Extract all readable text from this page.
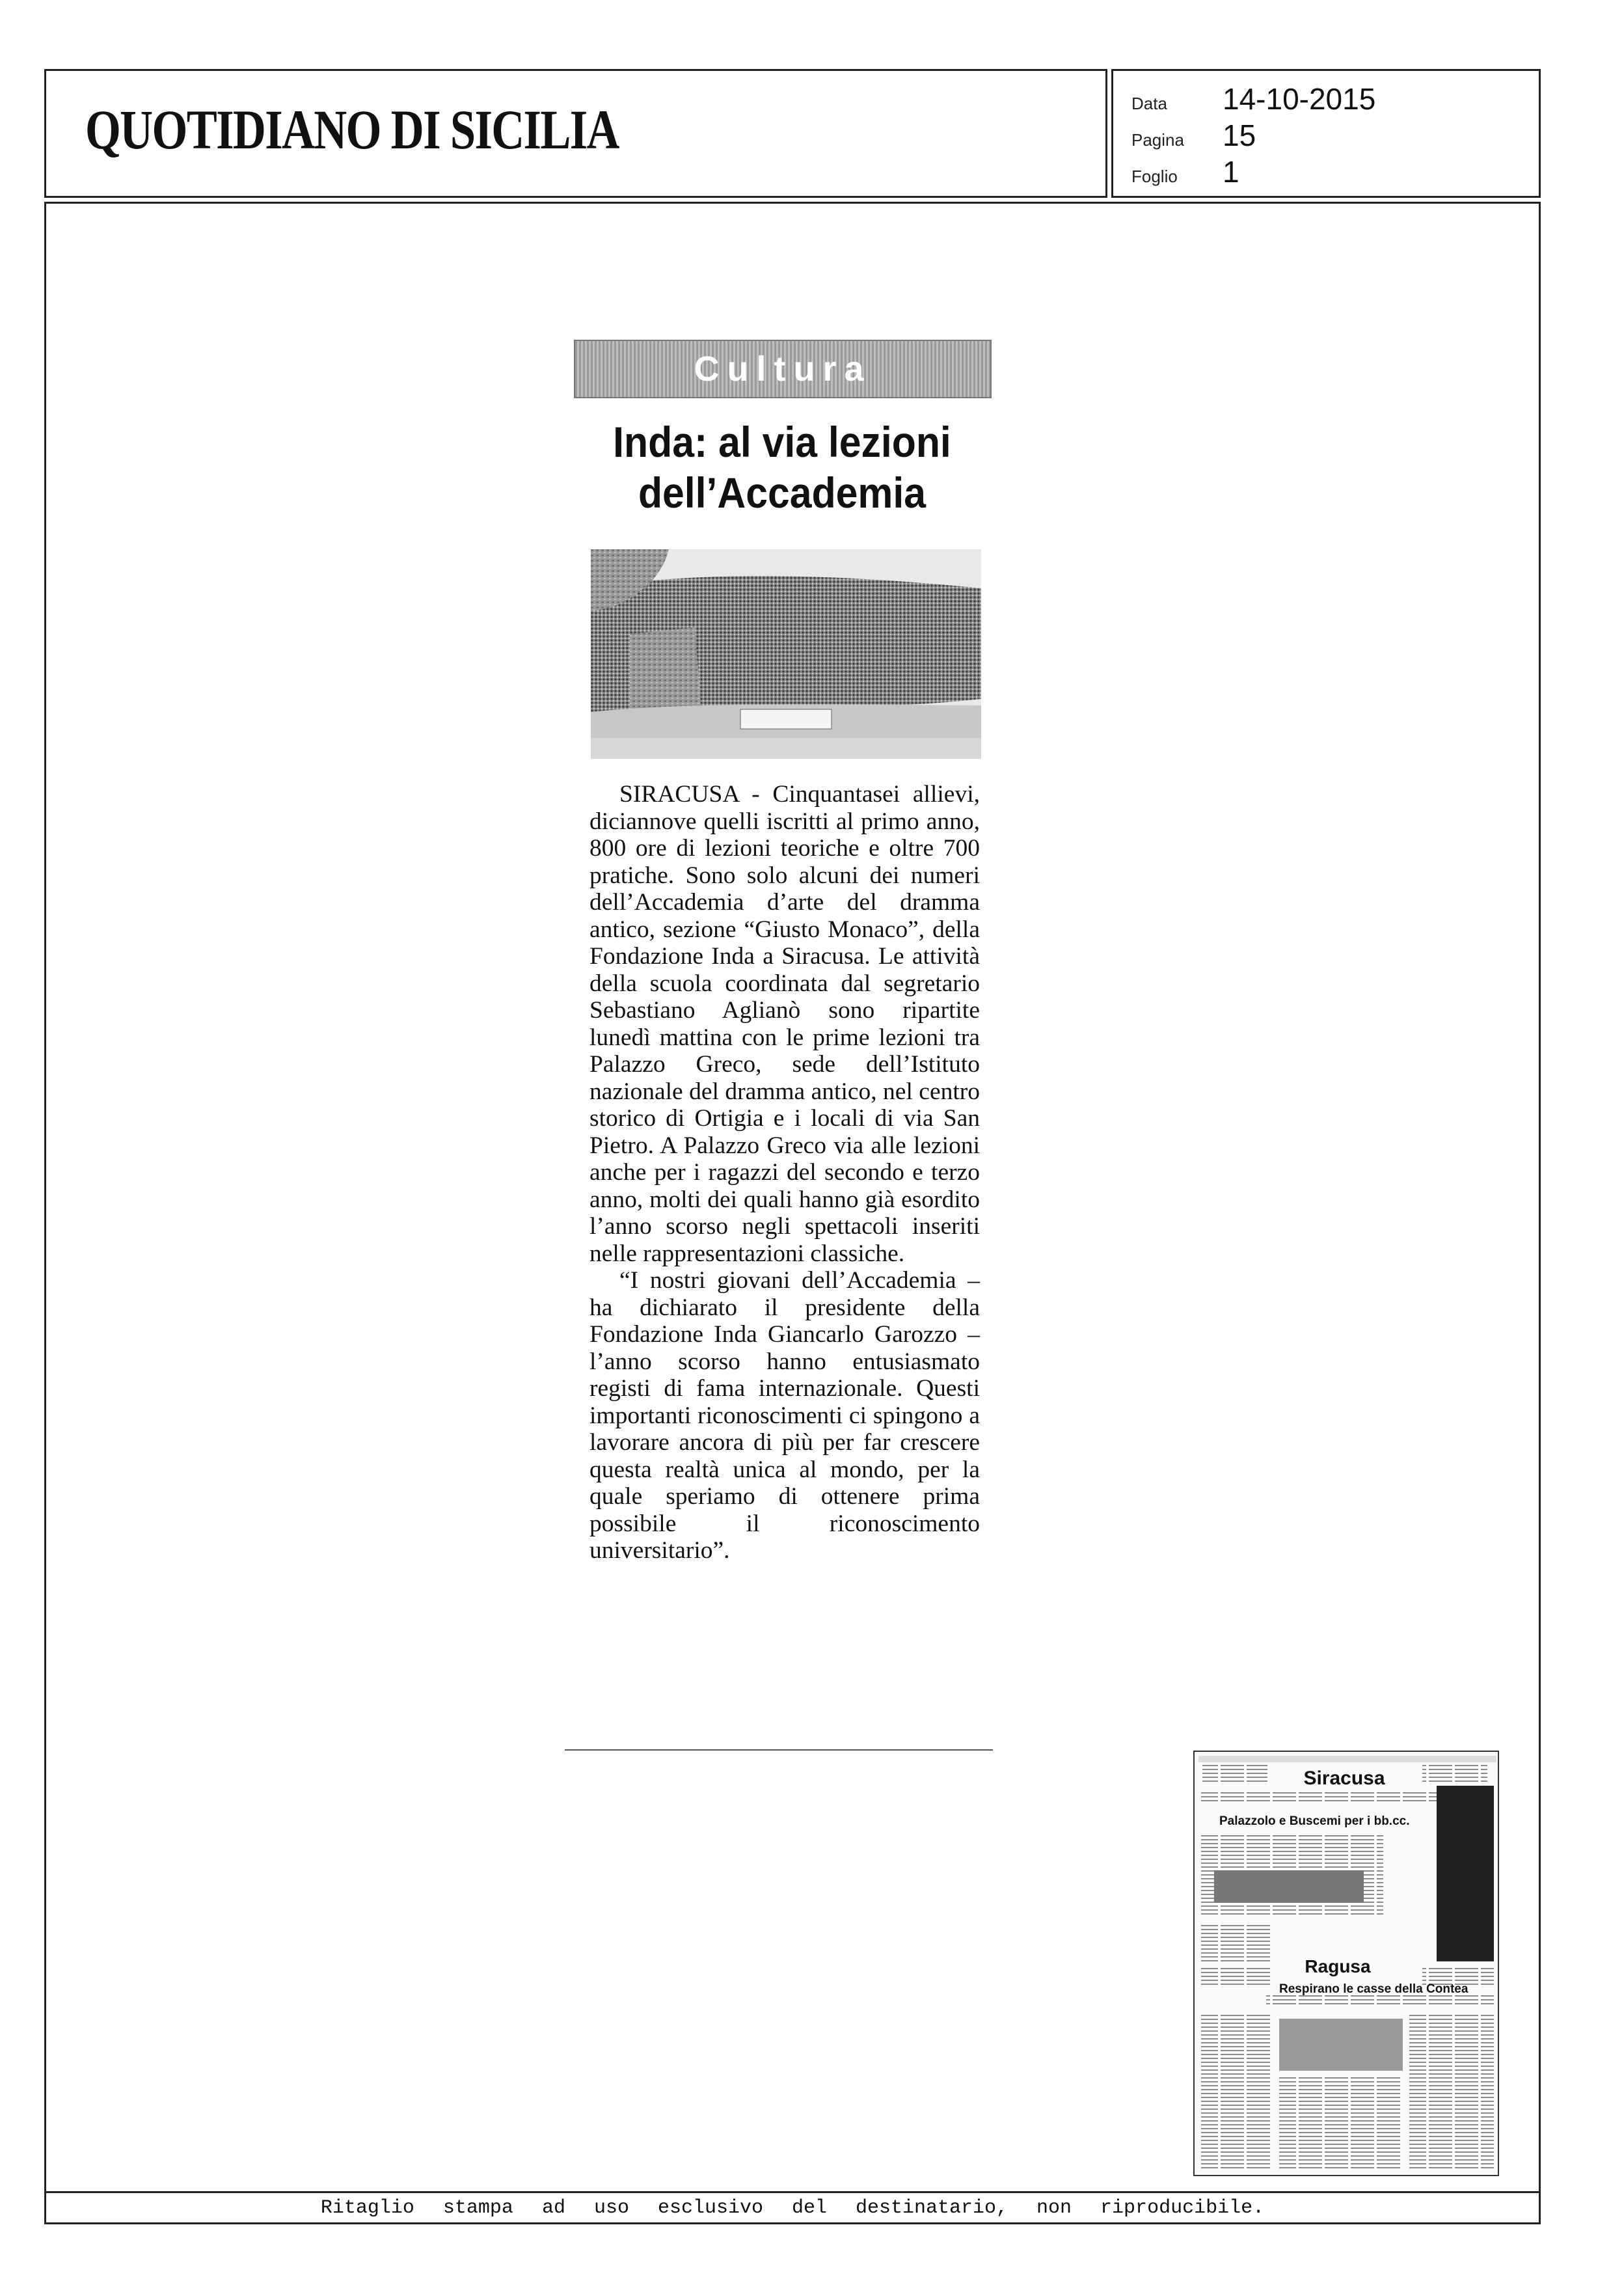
QUOTIDIANO DI SICILIA	Data	14-10-2015
Pagina	15
Foglio	1
Cultura
Inda: al via lezioni
dell’Accademia

SIRACUSA - Cinquantasei allievi, diciannove quelli iscritti al primo anno, 800 ore di lezioni teoriche e oltre 700 pratiche. Sono solo alcuni dei numeri dell’Accademia d’arte del dramma antico, sezione “Giusto Monaco”, della Fondazione Inda a Siracusa. Le attività della scuola coordinata dal segretario Sebastiano Aglianò sono ripartite lunedì mattina con le prime lezioni tra Palazzo Greco, sede dell’Istituto nazionale del dramma antico, nel centro storico di Ortigia e i locali di via San Pietro. A Palazzo Greco via alle lezioni anche per i ragazzi del secondo e terzo anno, molti dei quali hanno già esordito l’anno scorso negli spettacoli inseriti nelle rappresentazioni classiche.

“I nostri giovani dell’Accademia – ha dichiarato il presidente della Fondazione Inda Giancarlo Garozzo – l’anno scorso hanno entusiasmato registi di fama internazionale. Questi importanti riconoscimenti ci spingono a lavorare ancora di più per far crescere questa realtà unica al mondo, per la quale speriamo di ottenere prima possibile il riconoscimento universitario”.

Siracusa
Palazzolo e Buscemi per i bb.cc.
Ragusa
Respirano le casse della Contea
Ritaglio stampa ad uso esclusivo del destinatario, non riproducibile.
